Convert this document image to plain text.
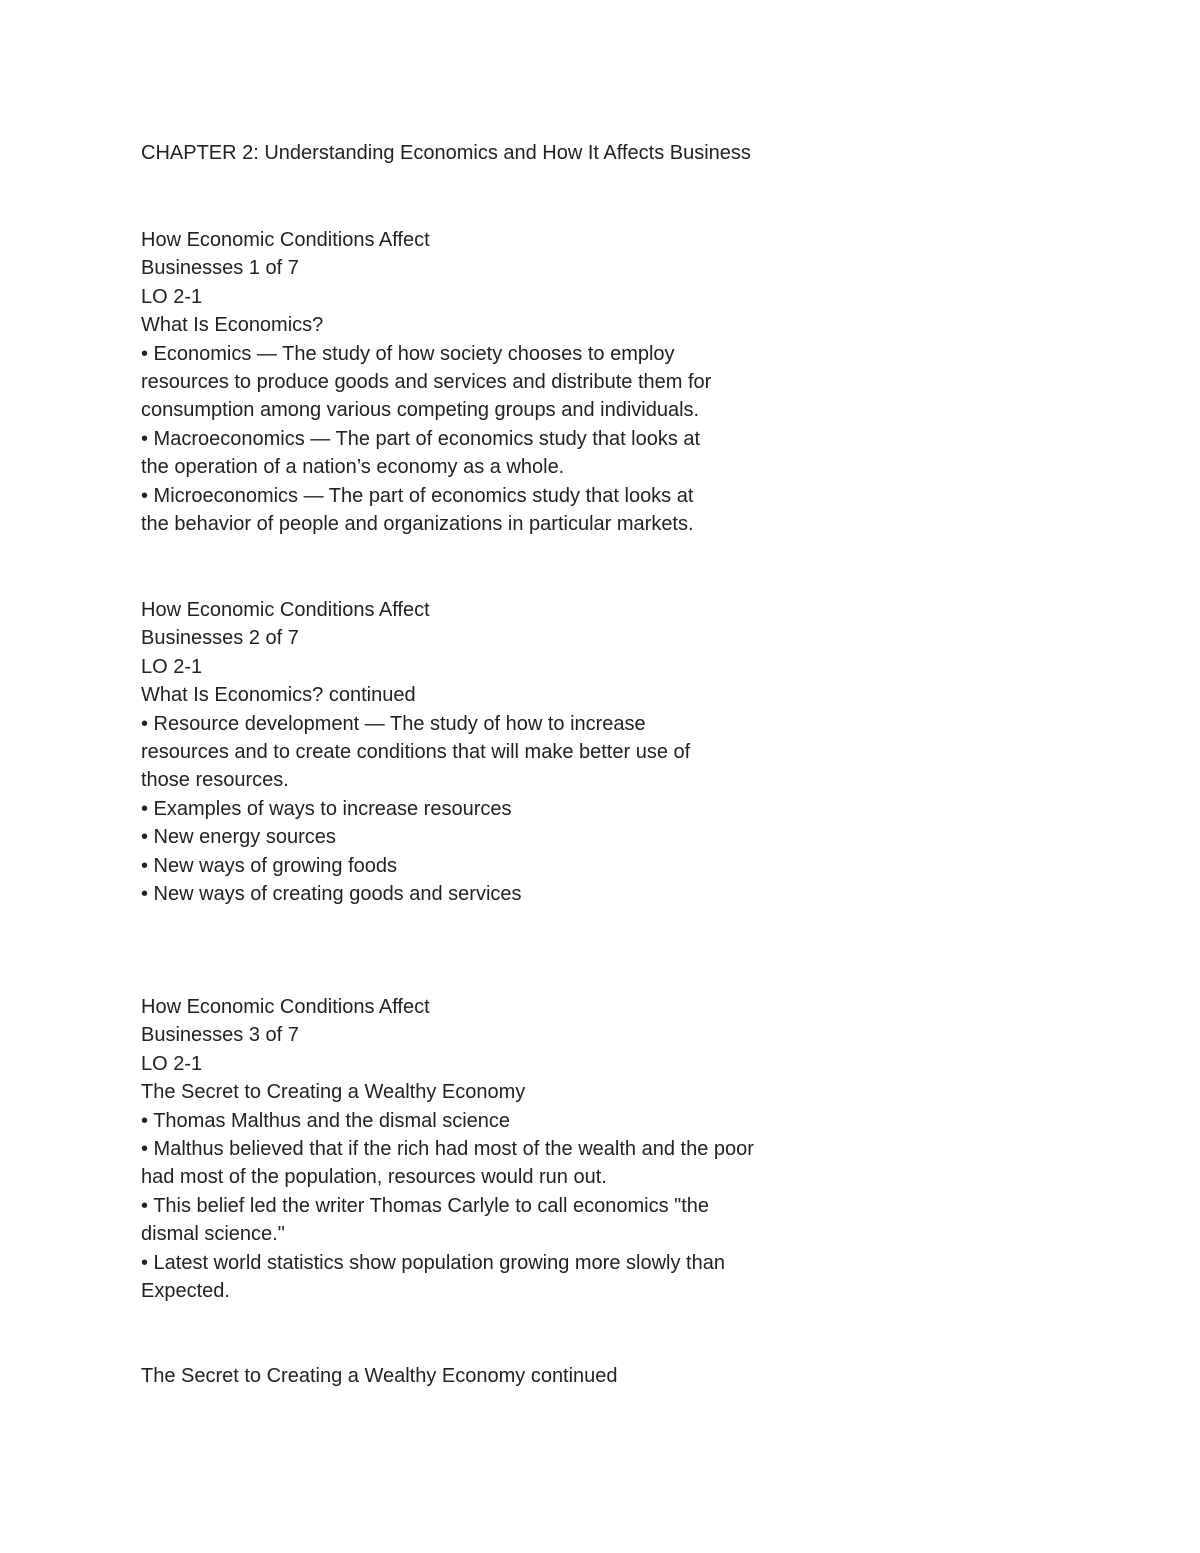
CHAPTER 2: Understanding Economics and How It Affects Business
How Economic Conditions Affect
Businesses 1 of 7
LO 2-1
What Is Economics?
• Economics — The study of how society chooses to employ
resources to produce goods and services and distribute them for
consumption among various competing groups and individuals.
• Macroeconomics — The part of economics study that looks at
the operation of a nation’s economy as a whole.
• Microeconomics — The part of economics study that looks at
the behavior of people and organizations in particular markets.
How Economic Conditions Affect
Businesses 2 of 7
LO 2-1
What Is Economics? continued
• Resource development — The study of how to increase
resources and to create conditions that will make better use of
those resources.
• Examples of ways to increase resources
• New energy sources
• New ways of growing foods
• New ways of creating goods and services
How Economic Conditions Affect
Businesses 3 of 7
LO 2-1
The Secret to Creating a Wealthy Economy
• Thomas Malthus and the dismal science
• Malthus believed that if the rich had most of the wealth and the poor
had most of the population, resources would run out.
• This belief led the writer Thomas Carlyle to call economics "the
dismal science."
• Latest world statistics show population growing more slowly than
Expected.
The Secret to Creating a Wealthy Economy continued
